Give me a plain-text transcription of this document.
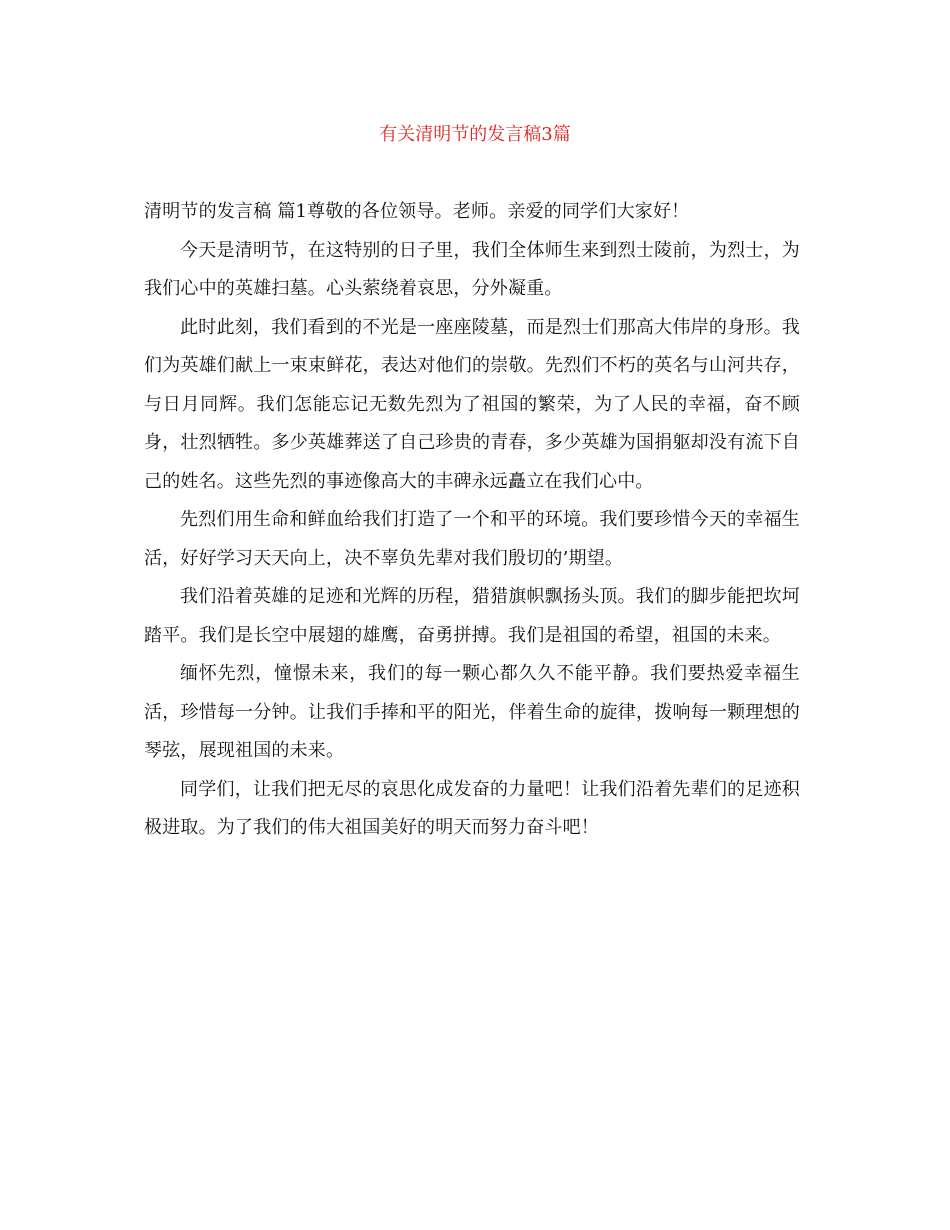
有关清明节的发言稿3篇

清明节的发言稿 篇1尊敬的各位领导。老师。亲爱的同学们大家好！

今天是清明节，在这特别的日子里，我们全体师生来到烈士陵前，为烈士，为我们心中的英雄扫墓。心头萦绕着哀思，分外凝重。

此时此刻，我们看到的不光是一座座陵墓，而是烈士们那高大伟岸的身形。我们为英雄们献上一束束鲜花，表达对他们的崇敬。先烈们不朽的英名与山河共存，与日月同辉。我们怎能忘记无数先烈为了祖国的繁荣，为了人民的幸福，奋不顾身，壮烈牺牲。多少英雄葬送了自己珍贵的青春，多少英雄为国捐躯却没有流下自己的姓名。这些先烈的事迹像高大的丰碑永远矗立在我们心中。

先烈们用生命和鲜血给我们打造了一个和平的环境。我们要珍惜今天的幸福生活，好好学习天天向上，决不辜负先辈对我们殷切的’期望。

我们沿着英雄的足迹和光辉的历程，猎猎旗帜飘扬头顶。我们的脚步能把坎坷踏平。我们是长空中展翅的雄鹰，奋勇拼搏。我们是祖国的希望，祖国的未来。

缅怀先烈，憧憬未来，我们的每一颗心都久久不能平静。我们要热爱幸福生活，珍惜每一分钟。让我们手捧和平的阳光，伴着生命的旋律，拨响每一颗理想的琴弦，展现祖国的未来。

同学们，让我们把无尽的哀思化成发奋的力量吧！让我们沿着先辈们的足迹积极进取。为了我们的伟大祖国美好的明天而努力奋斗吧！
